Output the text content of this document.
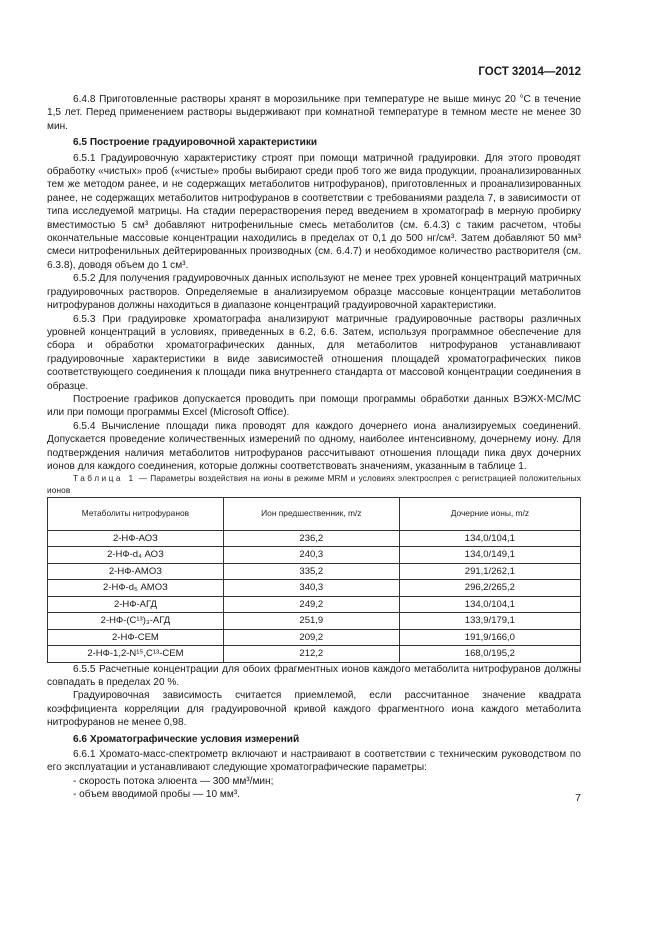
ГОСТ 32014—2012

6.4.8 Приготовленные растворы хранят в морозильнике при температуре не выше минус 20 °С в течение 1,5 лет. Перед применением растворы выдерживают при комнатной температуре в темном месте не менее 30 мин.

6.5 Построение градуировочной характеристики

6.5.1 Градуировочную характеристику строят при помощи матричной градуировки. Для этого проводят обработку «чистых» проб («чистые» пробы выбирают среди проб того же вида продукции, проанализированных тем же методом ранее, и не содержащих метаболитов нитрофуранов), приготовленных и проанализированных ранее, не содержащих метаболитов нитрофуранов в соответствии с требованиями раздела 7, в зависимости от типа исследуемой матрицы. На стадии перерастворения перед введением в хроматограф в мерную пробирку вместимостью 5 см³ добавляют нитрофенильные смесь метаболитов (см. 6.4.3) с таким расчетом, чтобы окончательные массовые концентрации находились в пределах от 0,1 до 500 нг/см³. Затем добавляют 50 мм³ смеси нитрофенильных дейтерированных производных (см. 6.4.7) и необходимое количество растворителя (см. 6.3.8), доводя объем до 1 см³.

6.5.2 Для получения градуировочных данных используют не менее трех уровней концентраций матричных градуировочных растворов. Определяемые в анализируемом образце массовые концентрации метаболитов нитрофуранов должны находиться в диапазоне концентраций градуировочной характеристики.

6.5.3 При градуировке хроматографа анализируют матричные градуировочные растворы различных уровней концентраций в условиях, приведенных в 6.2, 6.6. Затем, используя программное обеспечение для сбора и обработки хроматографических данных, для метаболитов нитрофуранов устанавливают градуировочные характеристики в виде зависимостей отношения площадей хроматографических пиков соответствующего соединения к площади пика внутреннего стандарта от массовой концентрации соединения в образце.

Построение графиков допускается проводить при помощи программы обработки данных ВЭЖХ-МС/МС или при помощи программы Excel (Microsoft Office).

6.5.4 Вычисление площади пика проводят для каждого дочернего иона анализируемых соединений. Допускается проведение количественных измерений по одному, наиболее интенсивному, дочернему иону. Для подтверждения наличия метаболитов нитрофуранов рассчитывают отношения площади пика двух дочерних ионов для каждого соединения, которые должны соответствовать значениям, указанным в таблице 1.

Таблица 1 — Параметры воздействия на ионы в режиме MRM и условиях электроспрея с регистрацией положительных ионов

Метаболиты нитрофуранов	Ион предшественник, m/z	Дочерние ионы, m/z
2-НФ-АОЗ	236,2	134,0/104,1
2-НФ-d₄ АОЗ	240,3	134,0/149,1
2-НФ-АМОЗ	335,2	291,1/262,1
2-НФ-d₅ АМОЗ	340,3	296,2/265,2
2-НФ-АГД	249,2	134,0/104,1
2-НФ-(C¹³)₃-АГД	251,9	133,9/179,1
2-НФ-СЕМ	209,2	191,9/166,0
2-НФ-1,2-N¹⁵,C¹³-СЕМ	212,2	168,0/195,2

6.5.5 Расчетные концентрации для обоих фрагментных ионов каждого метаболита нитрофуранов должны совпадать в пределах 20 %.

Градуировочная зависимость считается приемлемой, если рассчитанное значение квадрата коэффициента корреляции для градуировочной кривой каждого фрагментного иона каждого метаболита нитрофуранов не менее 0,98.

6.6 Хроматографические условия измерений

6.6.1 Хромато-масс-спектрометр включают и настраивают в соответствии с техническим руководством по его эксплуатации и устанавливают следующие хроматографические параметры:

- скорость потока элюента — 300 мм³/мин;

- объем вводимой пробы — 10 мм³.	7
